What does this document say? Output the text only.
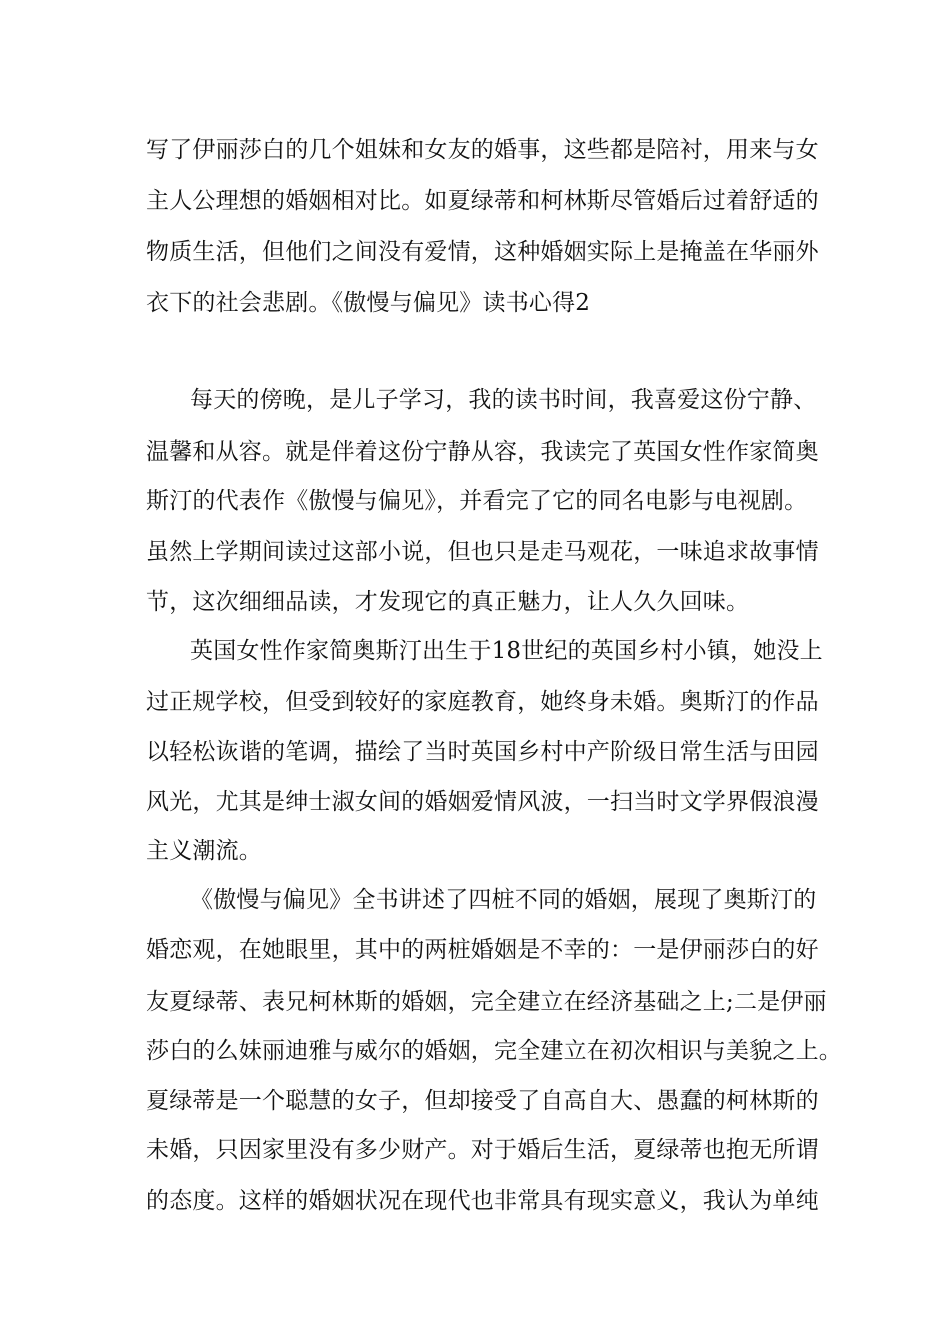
写了伊丽莎白的几个姐妹和女友的婚事，这些都是陪衬，用来与女
主人公理想的婚姻相对比。如夏绿蒂和柯林斯尽管婚后过着舒适的
物质生活，但他们之间没有爱情，这种婚姻实际上是掩盖在华丽外
衣下的社会悲剧。《傲慢与偏见》读书心得2
每天的傍晚，是儿子学习，我的读书时间，我喜爱这份宁静、
温馨和从容。就是伴着这份宁静从容，我读完了英国女性作家简奥
斯汀的代表作《傲慢与偏见》，并看完了它的同名电影与电视剧。
虽然上学期间读过这部小说，但也只是走马观花，一味追求故事情
节，这次细细品读，才发现它的真正魅力，让人久久回味。
英国女性作家简奥斯汀出生于18世纪的英国乡村小镇，她没上
过正规学校，但受到较好的家庭教育，她终身未婚。奥斯汀的作品
以轻松诙谐的笔调，描绘了当时英国乡村中产阶级日常生活与田园
风光，尤其是绅士淑女间的婚姻爱情风波，一扫当时文学界假浪漫
主义潮流。
《傲慢与偏见》全书讲述了四桩不同的婚姻，展现了奥斯汀的
婚恋观，在她眼里，其中的两桩婚姻是不幸的：一是伊丽莎白的好
友夏绿蒂、表兄柯林斯的婚姻，完全建立在经济基础之上;二是伊丽
莎白的么妹丽迪雅与威尔的婚姻，完全建立在初次相识与美貌之上。
夏绿蒂是一个聪慧的女子，但却接受了自高自大、愚蠢的柯林斯的
未婚，只因家里没有多少财产。对于婚后生活，夏绿蒂也抱无所谓
的态度。这样的婚姻状况在现代也非常具有现实意义，我认为单纯
